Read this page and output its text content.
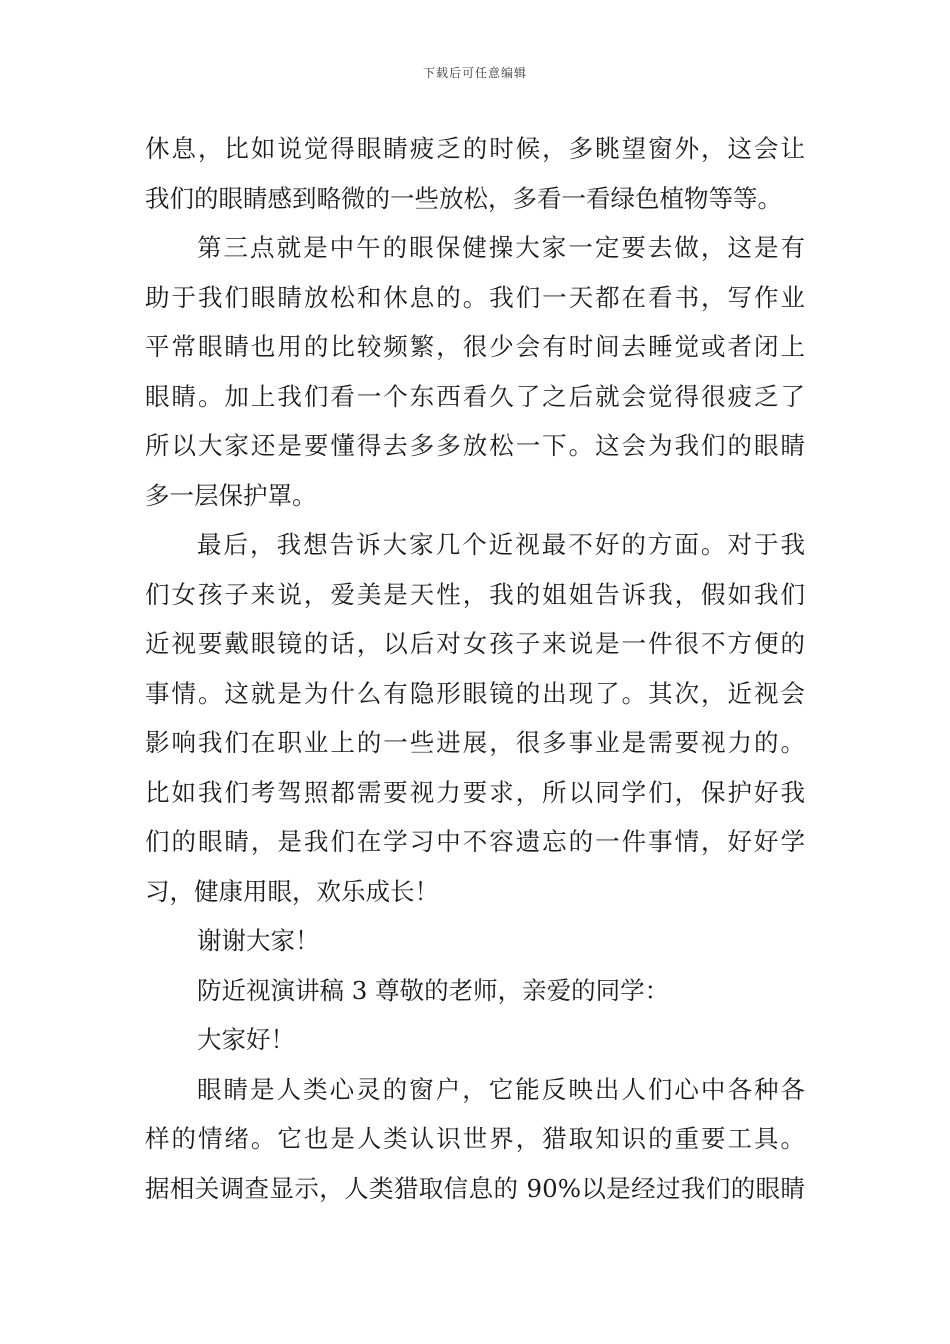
下载后可任意编辑
休息，比如说觉得眼睛疲乏的时候，多眺望窗外，这会让
我们的眼睛感到略微的一些放松，多看一看绿色植物等等。
第三点就是中午的眼保健操大家一定要去做，这是有
助于我们眼睛放松和休息的。我们一天都在看书，写作业
平常眼睛也用的比较频繁，很少会有时间去睡觉或者闭上
眼睛。加上我们看一个东西看久了之后就会觉得很疲乏了
所以大家还是要懂得去多多放松一下。这会为我们的眼睛
多一层保护罩。
最后，我想告诉大家几个近视最不好的方面。对于我
们女孩子来说，爱美是天性，我的姐姐告诉我，假如我们
近视要戴眼镜的话，以后对女孩子来说是一件很不方便的
事情。这就是为什么有隐形眼镜的出现了。其次，近视会
影响我们在职业上的一些进展，很多事业是需要视力的。
比如我们考驾照都需要视力要求，所以同学们，保护好我
们的眼睛，是我们在学习中不容遗忘的一件事情，好好学
习，健康用眼，欢乐成长！
谢谢大家！
防近视演讲稿 3 尊敬的老师，亲爱的同学：
大家好！
眼睛是人类心灵的窗户，它能反映出人们心中各种各
样的情绪。它也是人类认识世界，猎取知识的重要工具。
据相关调查显示，人类猎取信息的 90%以是经过我们的眼睛
